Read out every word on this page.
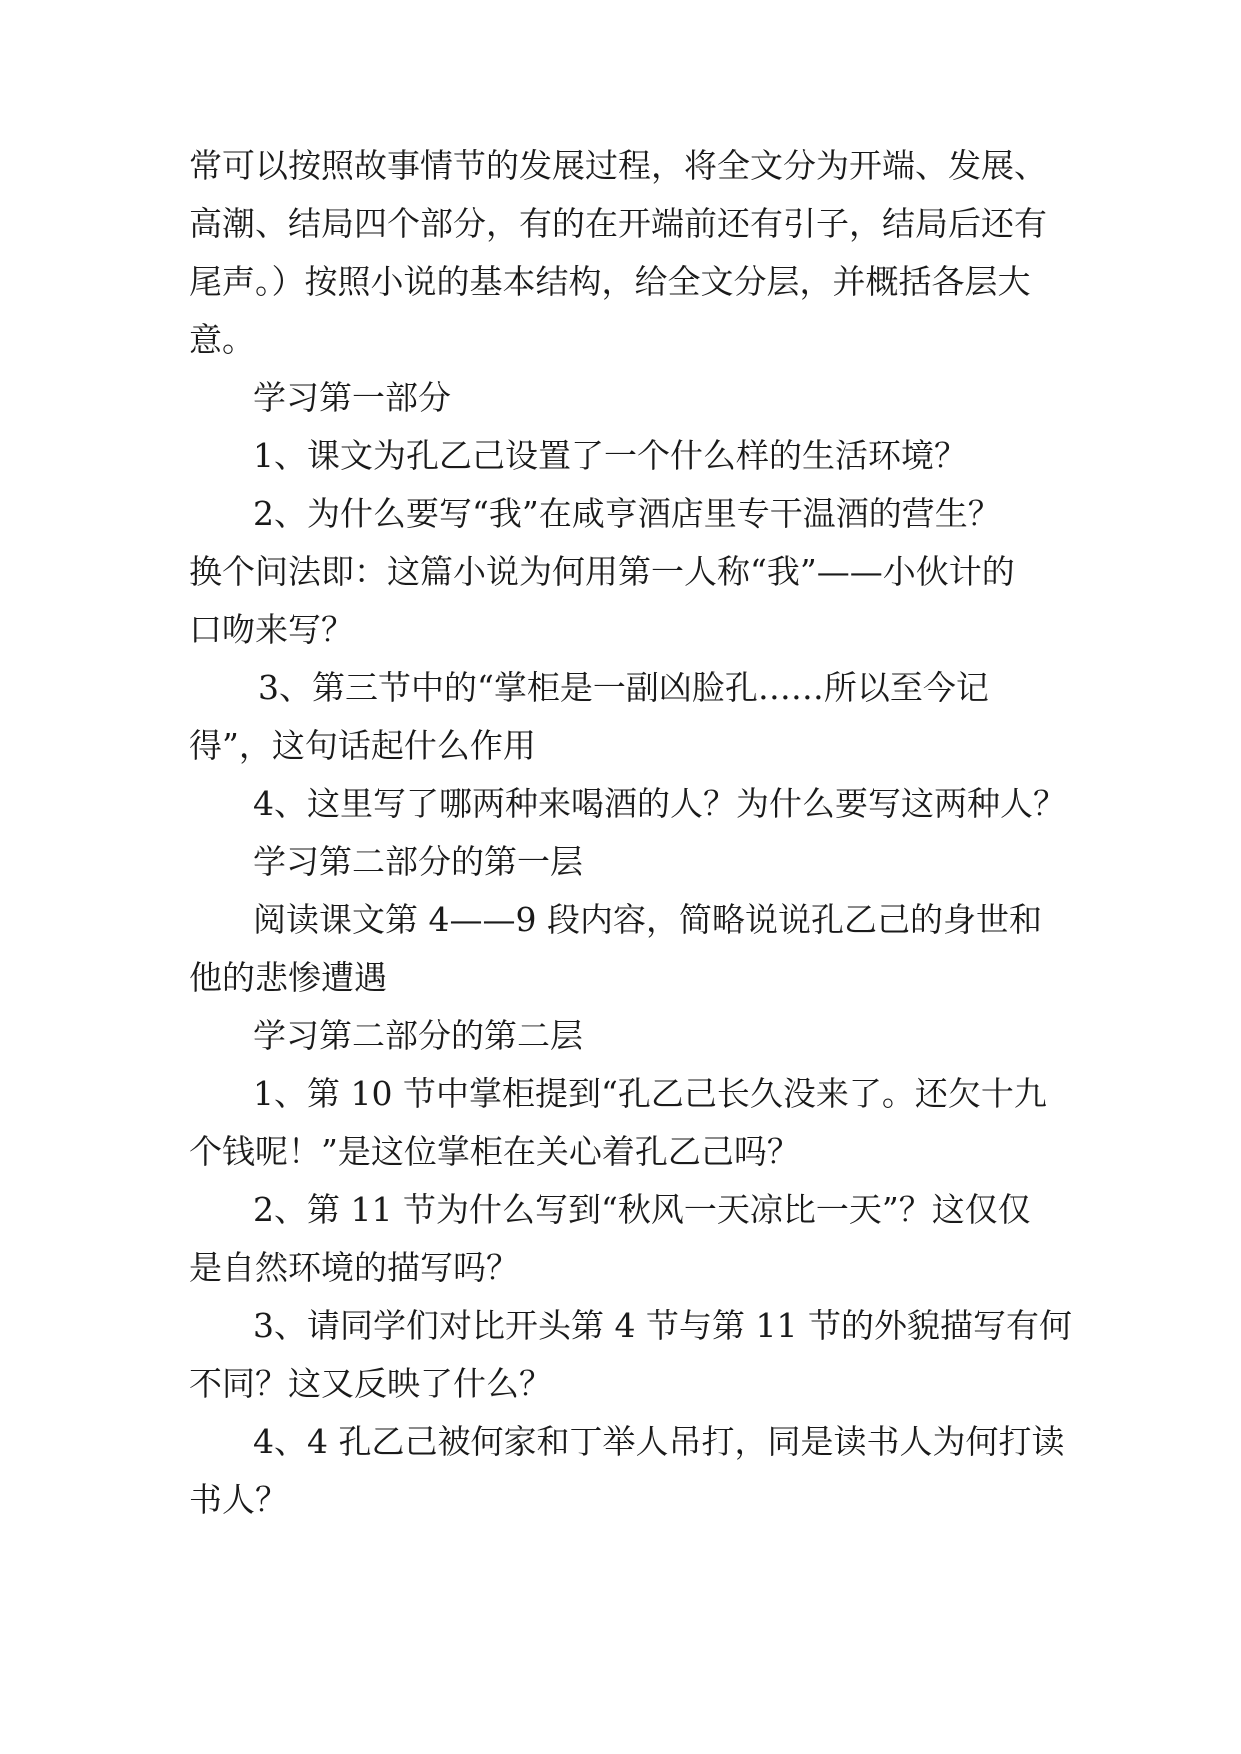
常可以按照故事情节的发展过程，将全文分为开端、发展、

高潮、结局四个部分，有的在开端前还有引子，结局后还有

尾声。）按照小说的基本结构，给全文分层，并概括各层大

意。

学习第一部分

1、课文为孔乙己设置了一个什么样的生活环境？

2、为什么要写“我”在咸亨酒店里专干温酒的营生？

换个问法即：这篇小说为何用第一人称“我”——小伙计的

口吻来写？

3、第三节中的“掌柜是一副凶脸孔……所以至今记

得”，这句话起什么作用

4、这里写了哪两种来喝酒的人？为什么要写这两种人？

学习第二部分的第一层

阅读课文第 4——9 段内容，简略说说孔乙己的身世和

他的悲惨遭遇

学习第二部分的第二层

1、第 10 节中掌柜提到“孔乙己长久没来了。还欠十九

个钱呢！”是这位掌柜在关心着孔乙己吗？

2、第 11 节为什么写到“秋风一天凉比一天”？这仅仅

是自然环境的描写吗？

3、请同学们对比开头第 4 节与第 11 节的外貌描写有何

不同？这又反映了什么？

4、4 孔乙己被何家和丁举人吊打，同是读书人为何打读

书人？
